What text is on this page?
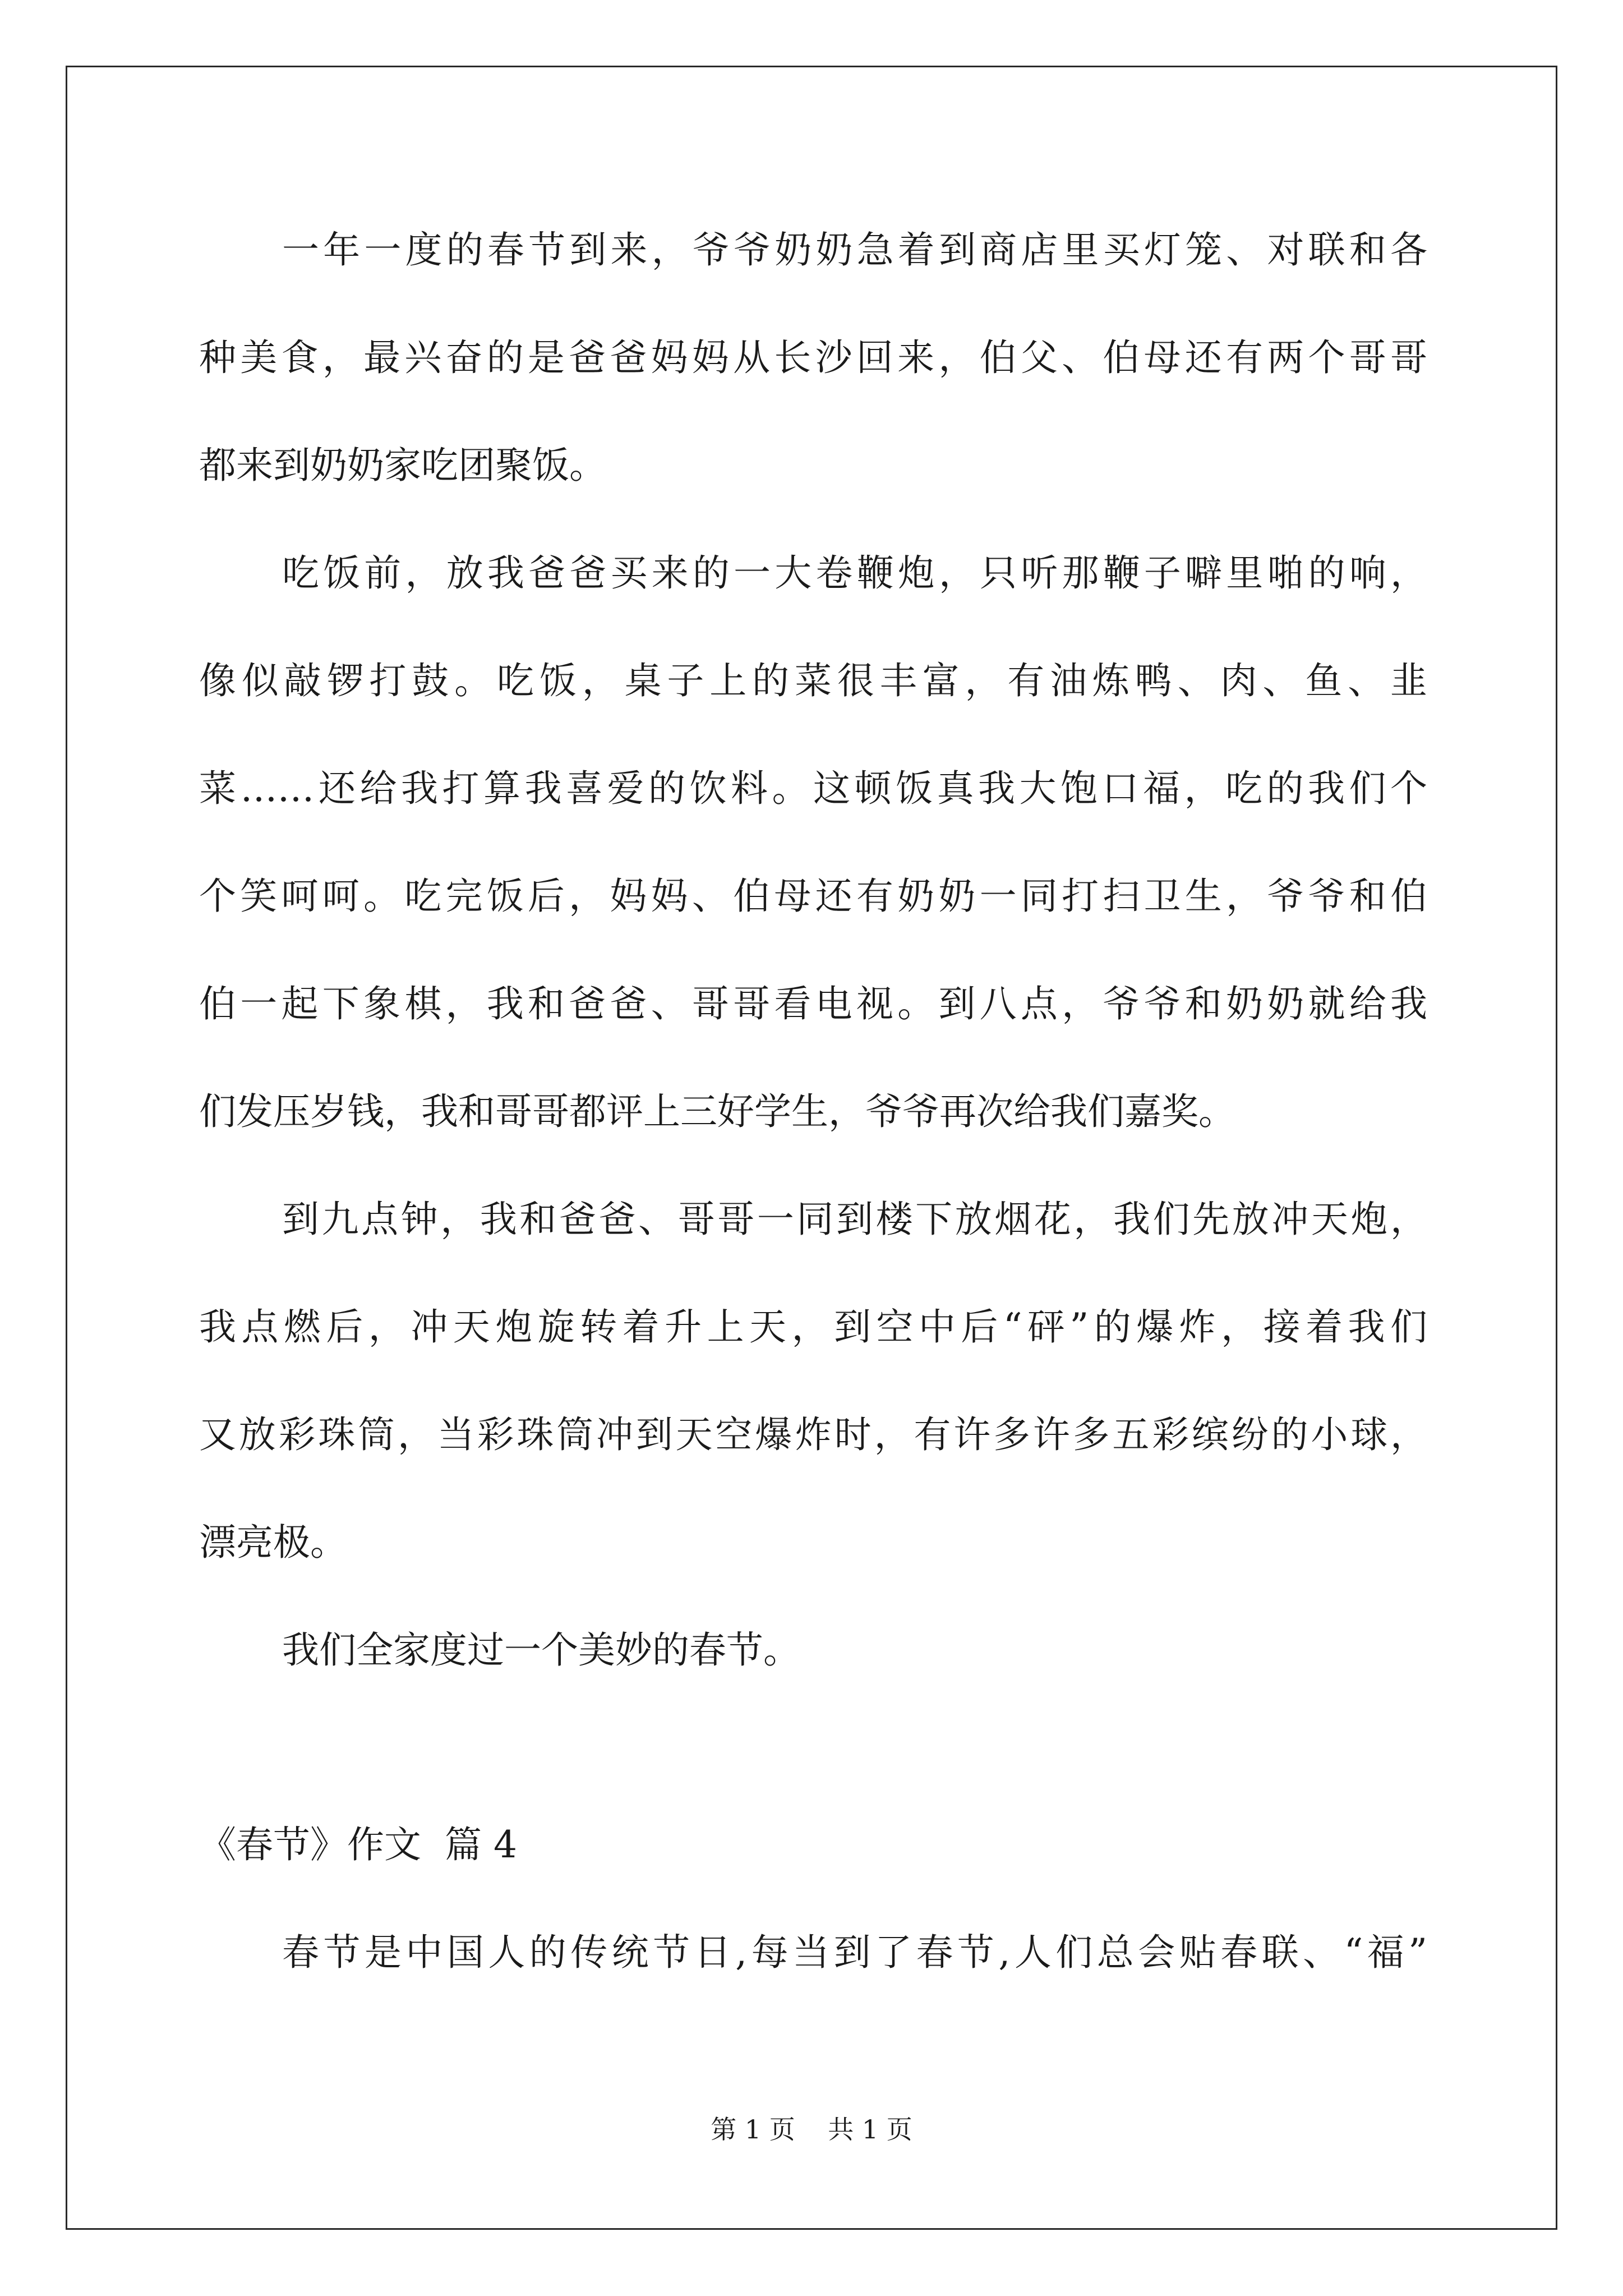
一年一度的春节到来，爷爷奶奶急着到商店里买灯笼、对联和各
种美食，最兴奋的是爸爸妈妈从长沙回来，伯父、伯母还有两个哥哥
都来到奶奶家吃团聚饭。
吃饭前，放我爸爸买来的一大卷鞭炮，只听那鞭子噼里啪的响，
像似敲锣打鼓。吃饭，桌子上的菜很丰富，有油炼鸭、肉、鱼、韭
菜……还给我打算我喜爱的饮料。这顿饭真我大饱口福，吃的我们个
个笑呵呵。吃完饭后，妈妈、伯母还有奶奶一同打扫卫生，爷爷和伯
伯一起下象棋，我和爸爸、哥哥看电视。到八点，爷爷和奶奶就给我
们发压岁钱，我和哥哥都评上三好学生，爷爷再次给我们嘉奖。
到九点钟，我和爸爸、哥哥一同到楼下放烟花，我们先放冲天炮，
我点燃后，冲天炮旋转着升上天，到空中后“砰”的爆炸，接着我们
又放彩珠筒，当彩珠筒冲到天空爆炸时，有许多许多五彩缤纷的小球，
漂亮极。
我们全家度过一个美妙的春节。
《春节》作文  篇 4
春节是中国人的传统节日,每当到了春节,人们总会贴春联、“福”
第 1 页    共 1 页
